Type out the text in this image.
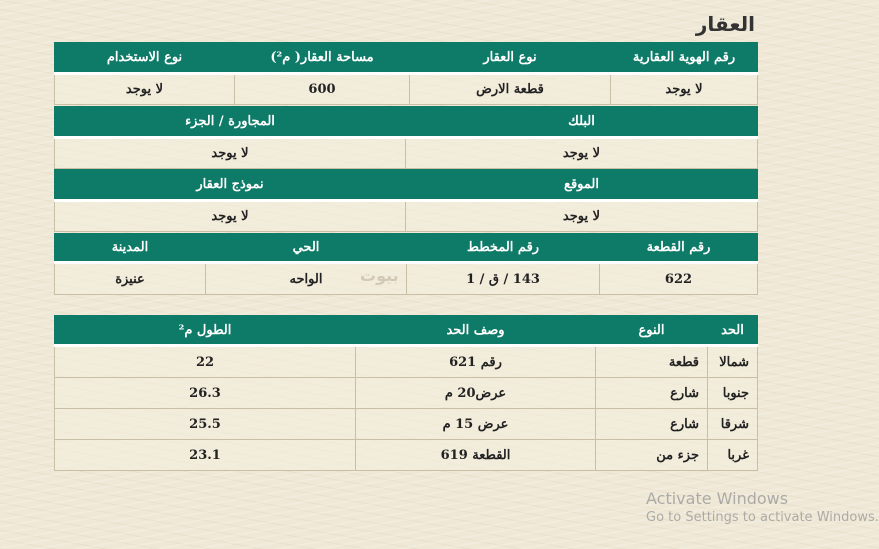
العقار
رقم الهوية العقارية	نوع العقار	مساحة العقار( م²)	نوع الاستخدام
لا يوجد	قطعة الارض	600	لا يوجد
البلك	المجاورة / الجزء
لا يوجد	لا يوجد
الموقع	نموذج العقار
لا يوجد	لا يوجد
رقم القطعة	رقم المخطط	الحي	المدينة
622	143 / ق / 1	الواحه	عنيزة
الحد	النوع	وصف الحد	الطول م²
شمالا	قطعة	رقم 621	22
جنوبا	شارع	عرض20 م	26.3
شرقا	شارع	عرض 15 م	25.5
غربا	جزء من	القطعة 619	23.1
بيوت
Activate Windows
Go to Settings to activate Windows.
